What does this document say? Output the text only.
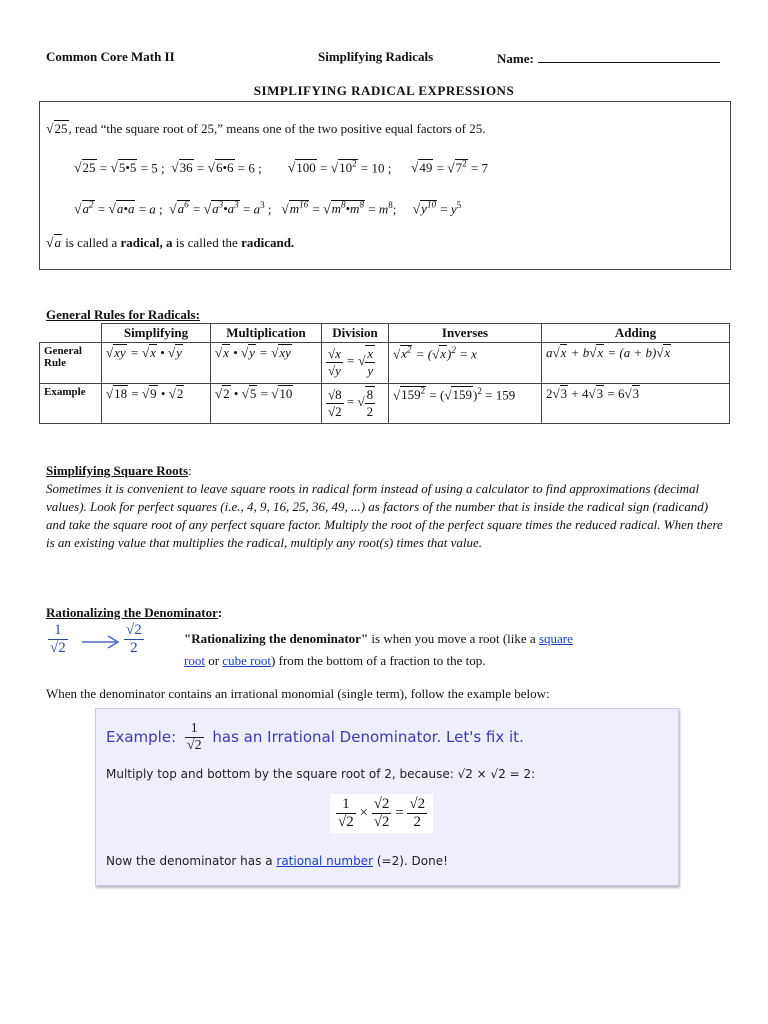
Common Core Math II	Simplifying Radicals	Name:
SIMPLIFYING RADICAL EXPRESSIONS
√25, read “the square root of 25,” means one of the two positive equal factors of 25.
√25 = √5•5 = 5 ;  √36 = √6•6 = 6 ;        $√100 = √10^2 = 10$ ;      $√49 = √7^2 = 7$
$√a^2$ = √a•a = a ;  $√a^6$ = $√a^3•a^3 = a^3$ ;   $√m^{16}$ = $√m^8•m^8 = m^8$;     $√y^{10} = y^5$
√a is called a radical, a is called the radicand.
General Rules for Radicals:
	Simplifying	Multiplication	Division	Inverses	Adding
General Rule	√xy = √x • √y	√x • √y = √xy	$\frac{√x}{√y}$ = √ $\frac{x}{y}$	$√x^2 = (√x)^2 = x$	a√x + b√x = (a + b)√x
Example	√18 = √9 • √2	√2 • √5 = √10	$\frac{√8}{√2}$ = √ $\frac{8}{2}$	$√159^2 = (√159)^2 = 159$	2√3 + 4√3 = 6√3
Simplifying Square Roots:
Sometimes it is convenient to leave square roots in radical form instead of using a calculator to find approximations (decimal values). Look for perfect squares (i.e., 4, 9, 16, 25, 36, 49, ...) as factors of the number that is inside the radical sign (radicand) and take the square root of any perfect square factor. Multiply the root of the perfect square times the reduced radical. When there is an existing value that multiplies the radical, multiply any root(s) times that value.
Rationalizing the Denominator:
$\frac{1}{√2}$	$\frac{√2}{2}$	"Rationalizing the denominator" is when you move a root (like a square
root or cube root) from the bottom of a fraction to the top.
When the denominator contains an irrational monomial (single term), follow the example below:
Example: $\frac{1}{√2}$ has an Irrational Denominator. Let's fix it.
Multiply top and bottom by the square root of 2, because: √2 × √2 = 2:
$\frac{1}{√2} \times \frac{√2}{√2} = \frac{√2}{2}$
Now the denominator has a rational number (=2). Done!
